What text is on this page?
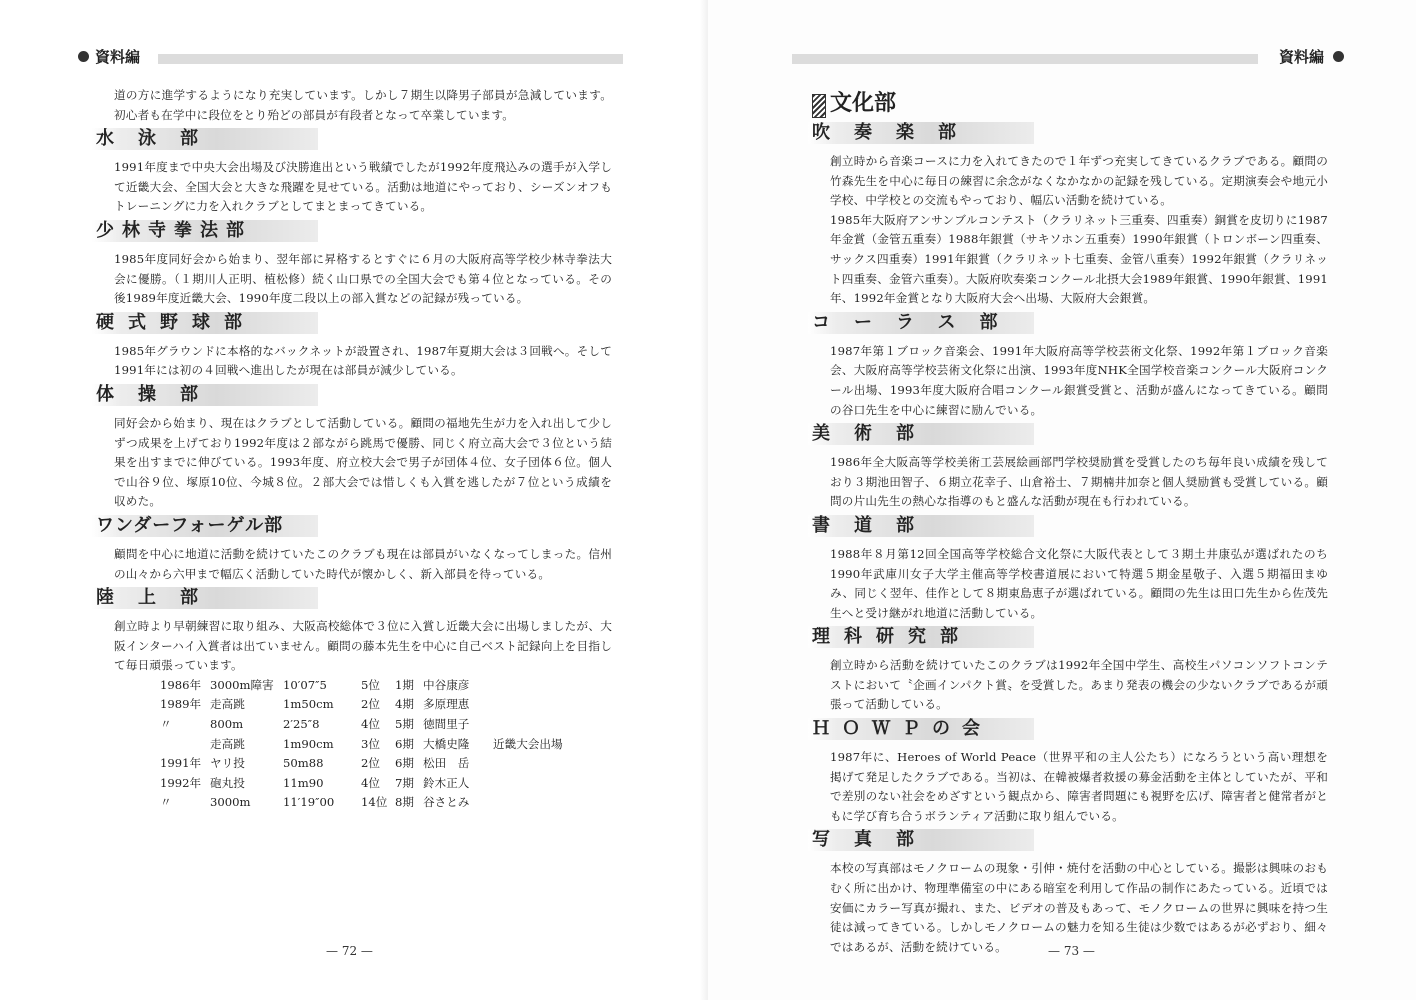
資料編

道の方に進学するようになり充実しています。しかし７期生以降男子部員が急減しています。初心者も在学中に段位をとり殆どの部員が有段者となって卒業しています。

水泳部

1991年度まで中央大会出場及び決勝進出という戦績でしたが1992年度飛込みの選手が入学して近畿大会、全国大会と大きな飛躍を見せている。活動は地道にやっており、シーズンオフもトレーニングに力を入れクラブとしてまとまってきている。

少林寺拳法部

1985年度同好会から始まり、翌年部に昇格するとすぐに６月の大阪府高等学校少林寺拳法大会に優勝。（１期川人正明、植松修）続く山口県での全国大会でも第４位となっている。その後1989年度近畿大会、1990年度二段以上の部入賞などの記録が残っている。

硬式野球部

1985年グラウンドに本格的なバックネットが設置され、1987年夏期大会は３回戦へ。そして1991年には初の４回戦へ進出したが現在は部員が減少している。

体操部

同好会から始まり、現在はクラブとして活動している。顧問の福地先生が力を入れ出して少しずつ成果を上げており1992年度は２部ながら跳馬で優勝、同じく府立高大会で３位という結果を出すまでに伸びている。1993年度、府立校大会で男子が団体４位、女子団体６位。個人で山谷９位、塚原10位、今城８位。２部大会では惜しくも入賞を逃したが７位という成績を収めた。

ワンダーフォーゲル部

顧問を中心に地道に活動を続けていたこのクラブも現在は部員がいなくなってしまった。信州の山々から六甲まで幅広く活動していた時代が懐かしく、新入部員を待っている。

陸上部

創立時より早朝練習に取り組み、大阪高校総体で３位に入賞し近畿大会に出場しましたが、大阪インターハイ入賞者は出ていません。顧問の藤本先生を中心に自己ベスト記録向上を目指して毎日頑張っています。

1986年	3000m障害	10′07″5	5位	1期	中谷康彦	
1989年	走高跳	1m50cm	2位	4期	多原理恵	
〃	800m	2′25″8	4位	5期	徳間里子	
	走高跳	1m90cm	3位	6期	大橋史隆	近畿大会出場
1991年	ヤリ投	50m88	2位	6期	松田　岳	
1992年	砲丸投	11m90	4位	7期	鈴木正人	
〃	3000m	11′19″00	14位	8期	谷さとみ	
— 72 —
資料編
文化部
吹奏楽部

創立時から音楽コースに力を入れてきたので１年ずつ充実してきているクラブである。顧問の竹森先生を中心に毎日の練習に余念がなくなかなかの記録を残している。定期演奏会や地元小学校、中学校との交流もやっており、幅広い活動を続けている。
1985年大阪府アンサンブルコンテスト（クラリネット三重奏、四重奏）銅賞を皮切りに1987年金賞（金管五重奏）1988年銀賞（サキソホン五重奏）1990年銀賞（トロンボーン四重奏、サックス四重奏）1991年銀賞（クラリネット七重奏、金管八重奏）1992年銀賞（クラリネット四重奏、金管六重奏）。大阪府吹奏楽コンクール北摂大会1989年銀賞、1990年銀賞、1991年、1992年金賞となり大阪府大会へ出場、大阪府大会銀賞。

コーラス部

1987年第１ブロック音楽会、1991年大阪府高等学校芸術文化祭、1992年第１ブロック音楽会、大阪府高等学校芸術文化祭に出演、1993年度NHK全国学校音楽コンクール大阪府コンクール出場、1993年度大阪府合唱コンクール銀賞受賞と、活動が盛んになってきている。顧問の谷口先生を中心に練習に励んでいる。

美術部

1986年全大阪高等学校美術工芸展絵画部門学校奨励賞を受賞したのち毎年良い成績を残しており３期池田智子、６期立花幸子、山倉裕士、７期楠井加奈と個人奨励賞も受賞している。顧問の片山先生の熱心な指導のもと盛んな活動が現在も行われている。

書道部

1988年８月第12回全国高等学校総合文化祭に大阪代表として３期土井康弘が選ばれたのち1990年武庫川女子大学主催高等学校書道展において特選５期金星敬子、入選５期福田まゆみ、同じく翌年、佳作として８期東島恵子が選ばれている。顧問の先生は田口先生から佐茂先生へと受け継がれ地道に活動している。

理科研究部

創立時から活動を続けていたこのクラブは1992年全国中学生、高校生パソコンソフトコンテストにおいて〝企画インパクト賞〟を受賞した。あまり発表の機会の少ないクラブであるが頑張って活動している。

ＨＯＷＰの会

1987年に、Heroes of World Peace（世界平和の主人公たち）になろうという高い理想を掲げて発足したクラブである。当初は、在韓被爆者救援の募金活動を主体としていたが、平和で差別のない社会をめざすという観点から、障害者問題にも視野を広げ、障害者と健常者がともに学び育ち合うボランティア活動に取り組んでいる。

写真部

本校の写真部はモノクロームの現象・引伸・焼付を活動の中心としている。撮影は興味のおもむく所に出かけ、物理準備室の中にある暗室を利用して作品の制作にあたっている。近頃では安価にカラー写真が撮れ、また、ビデオの普及もあって、モノクロームの世界に興味を持つ生徒は減ってきている。しかしモノクロームの魅力を知る生徒は少数ではあるが必ずおり、細々ではあるが、活動を続けている。	— 73 —
